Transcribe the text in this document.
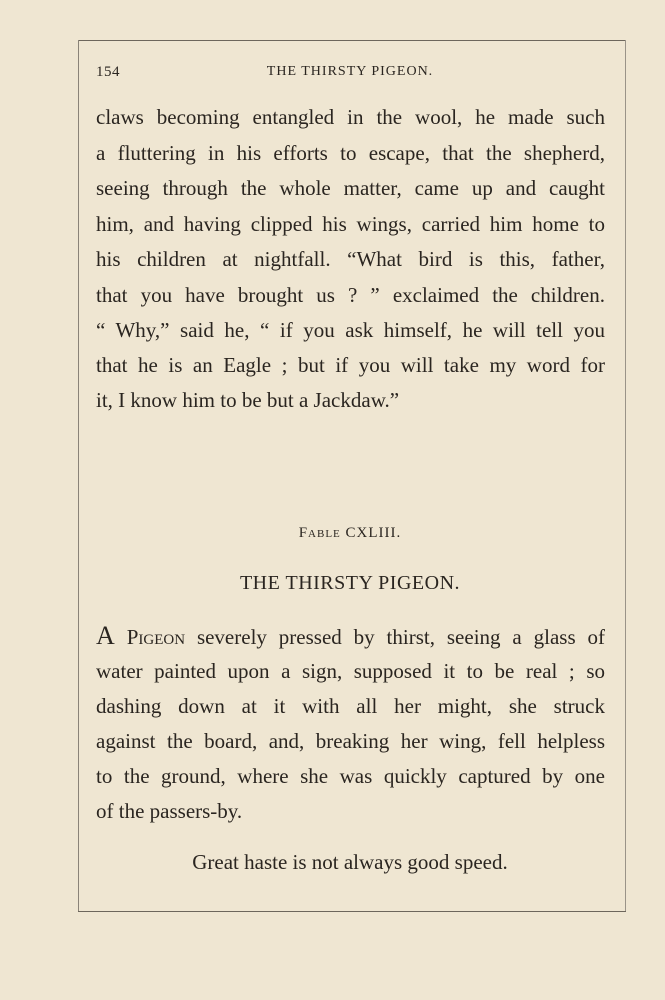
154	THE THIRSTY PIGEON.
claws becoming entangled in the wool, he made such
a fluttering in his efforts to escape, that the shepherd,
seeing through the whole matter, came up and caught
him, and having clipped his wings, carried him home to
his children at nightfall. “What bird is this, father,
that you have brought us ? ” exclaimed the children.
“ Why,” said he, “ if you ask himself, he will tell you
that he is an Eagle ; but if you will take my word for
it, I know him to be but a Jackdaw.”
Fable CXLIII.
THE THIRSTY PIGEON.
A Pigeon severely pressed by thirst, seeing a glass of
water painted upon a sign, supposed it to be real ; so
dashing down at it with all her might, she struck
against the board, and, breaking her wing, fell helpless
to the ground, where she was quickly captured by one
of the passers-by.
Great haste is not always good speed.
